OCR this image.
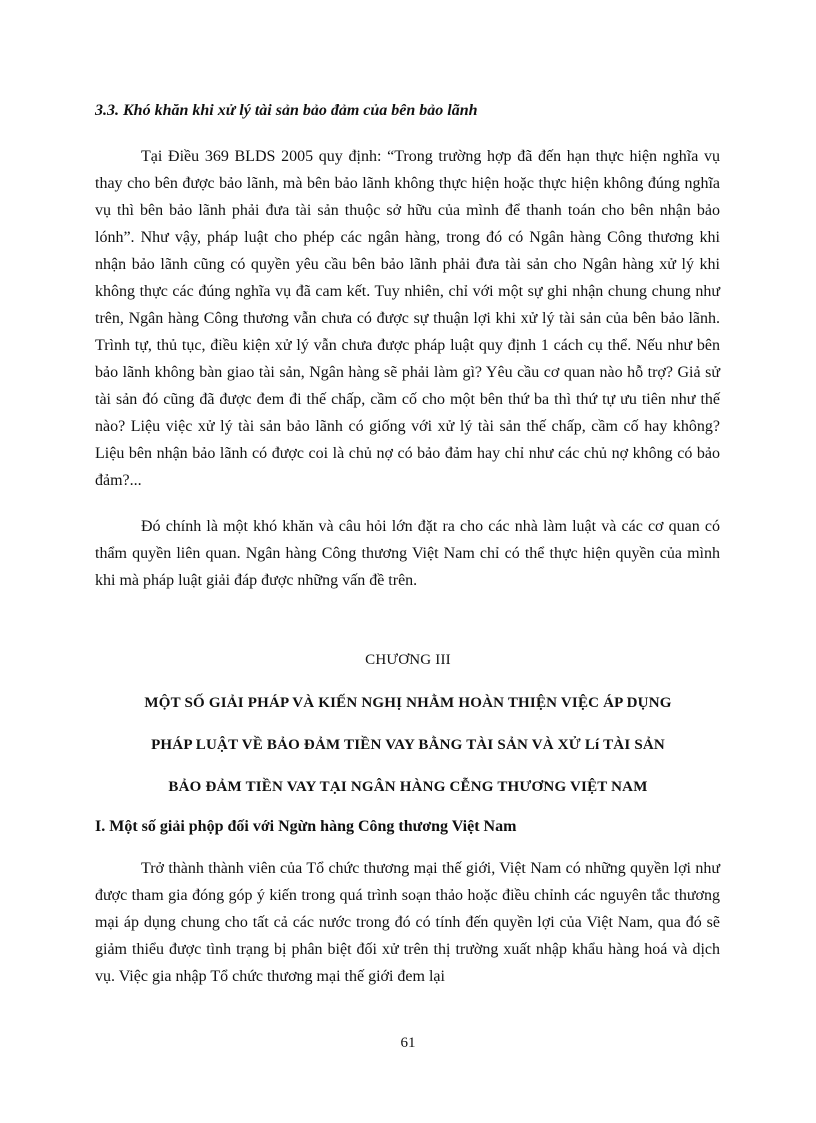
3.3. Khó khăn khi xử lý tài sản bảo đảm của bên bảo lãnh

Tại Điều 369 BLDS 2005 quy định: “Trong trường hợp đã đến hạn thực hiện nghĩa vụ thay cho bên được bảo lãnh, mà bên bảo lãnh không thực hiện hoặc thực hiện không đúng nghĩa vụ thì bên bảo lãnh phải đưa tài sản thuộc sở hữu của mình để thanh toán cho bên nhận bảo lónh”. Như vậy, pháp luật cho phép các ngân hàng, trong đó có Ngân hàng Công thương khi nhận bảo lãnh cũng có quyền yêu cầu bên bảo lãnh phải đưa tài sản cho Ngân hàng xử lý khi không thực các đúng nghĩa vụ đã cam kết. Tuy nhiên, chỉ với một sự ghi nhận chung chung như trên, Ngân hàng Công thương vẫn chưa có được sự thuận lợi khi xử lý tài sản của bên bảo lãnh. Trình tự, thủ tục, điều kiện xử lý vẫn chưa được pháp luật quy định 1 cách cụ thể. Nếu như bên bảo lãnh không bàn giao tài sản, Ngân hàng sẽ phải làm gì? Yêu cầu cơ quan nào hỗ trợ? Giả sử tài sản đó cũng đã được đem đi thế chấp, cầm cố cho một bên thứ ba thì thứ tự ưu tiên như thế nào? Liệu việc xử lý tài sản bảo lãnh có giống với xử lý tài sản thế chấp, cầm cố hay không? Liệu bên nhận bảo lãnh có được coi là chủ nợ có bảo đảm hay chỉ như các chủ nợ không có bảo đảm?...

Đó chính là một khó khăn và câu hỏi lớn đặt ra cho các nhà làm luật và các cơ quan có thẩm quyền liên quan. Ngân hàng Công thương Việt Nam chỉ có thể thực hiện quyền của mình khi mà pháp luật giải đáp được những vấn đề trên.

CHƯƠNG III

MỘT SỐ GIẢI PHÁP VÀ KIẾN NGHỊ NHẰM HOÀN THIỆN VIỆC ÁP DỤNG

PHÁP LUẬT VỀ BẢO ĐẢM TIỀN VAY BẰNG TÀI SẢN VÀ XỬ Lí TÀI SẢN

BẢO ĐẢM TIỀN VAY TẠI NGÂN HÀNG CỄNG THƯƠNG VIỆT NAM

I. Một số giải phộp đối với Ngừn hàng Công thương Việt Nam

Trở thành thành viên của Tổ chức thương mại thế giới, Việt Nam có những quyền lợi như được tham gia đóng góp ý kiến trong quá trình soạn thảo hoặc điều chỉnh các nguyên tắc thương mại áp dụng chung cho tất cả các nước trong đó có tính đến quyền lợi của Việt Nam, qua đó sẽ giảm thiểu được tình trạng bị phân biệt đối xử trên thị trường xuất nhập khẩu hàng hoá và dịch vụ. Việc gia nhập Tổ chức thương mại thế giới đem lại

61
